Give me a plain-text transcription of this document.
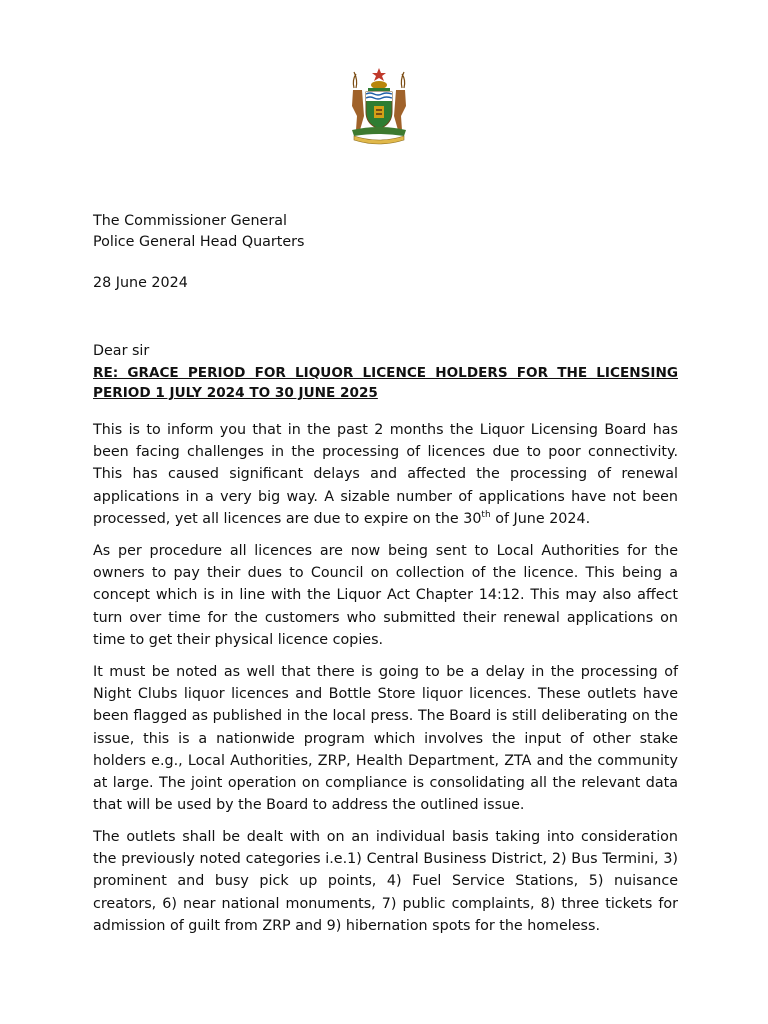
The Commissioner General
Police General Head Quarters
28 June 2024
Dear sir
RE: GRACE PERIOD FOR LIQUOR LICENCE HOLDERS FOR THE LICENSING PERIOD 1 JULY 2024 TO 30 JUNE 2025
This is to inform you that in the past 2 months the Liquor Licensing Board has been facing challenges in the processing of licences due to poor connectivity. This has caused significant delays and affected the processing of renewal applications in a very big way. A sizable number of applications have not been processed, yet all licences are due to expire on the 30th of June 2024.
As per procedure all licences are now being sent to Local Authorities for the owners to pay their dues to Council on collection of the licence. This being a concept which is in line with the Liquor Act Chapter 14:12. This may also affect turn over time for the customers who submitted their renewal applications on time to get their physical licence copies.
It must be noted as well that there is going to be a delay in the processing of Night Clubs liquor licences and Bottle Store liquor licences. These outlets have been flagged as published in the local press. The Board is still deliberating on the issue, this is a nationwide program which involves the input of other stake holders e.g., Local Authorities, ZRP, Health Department, ZTA and the community at large. The joint operation on compliance is consolidating all the relevant data that will be used by the Board to address the outlined issue.
The outlets shall be dealt with on an individual basis taking into consideration the previously noted categories i.e.1) Central Business District, 2) Bus Termini, 3) prominent and busy pick up points, 4) Fuel Service Stations, 5) nuisance creators, 6) near national monuments, 7) public complaints, 8) three tickets for admission of guilt from ZRP and 9) hibernation spots for the homeless.
